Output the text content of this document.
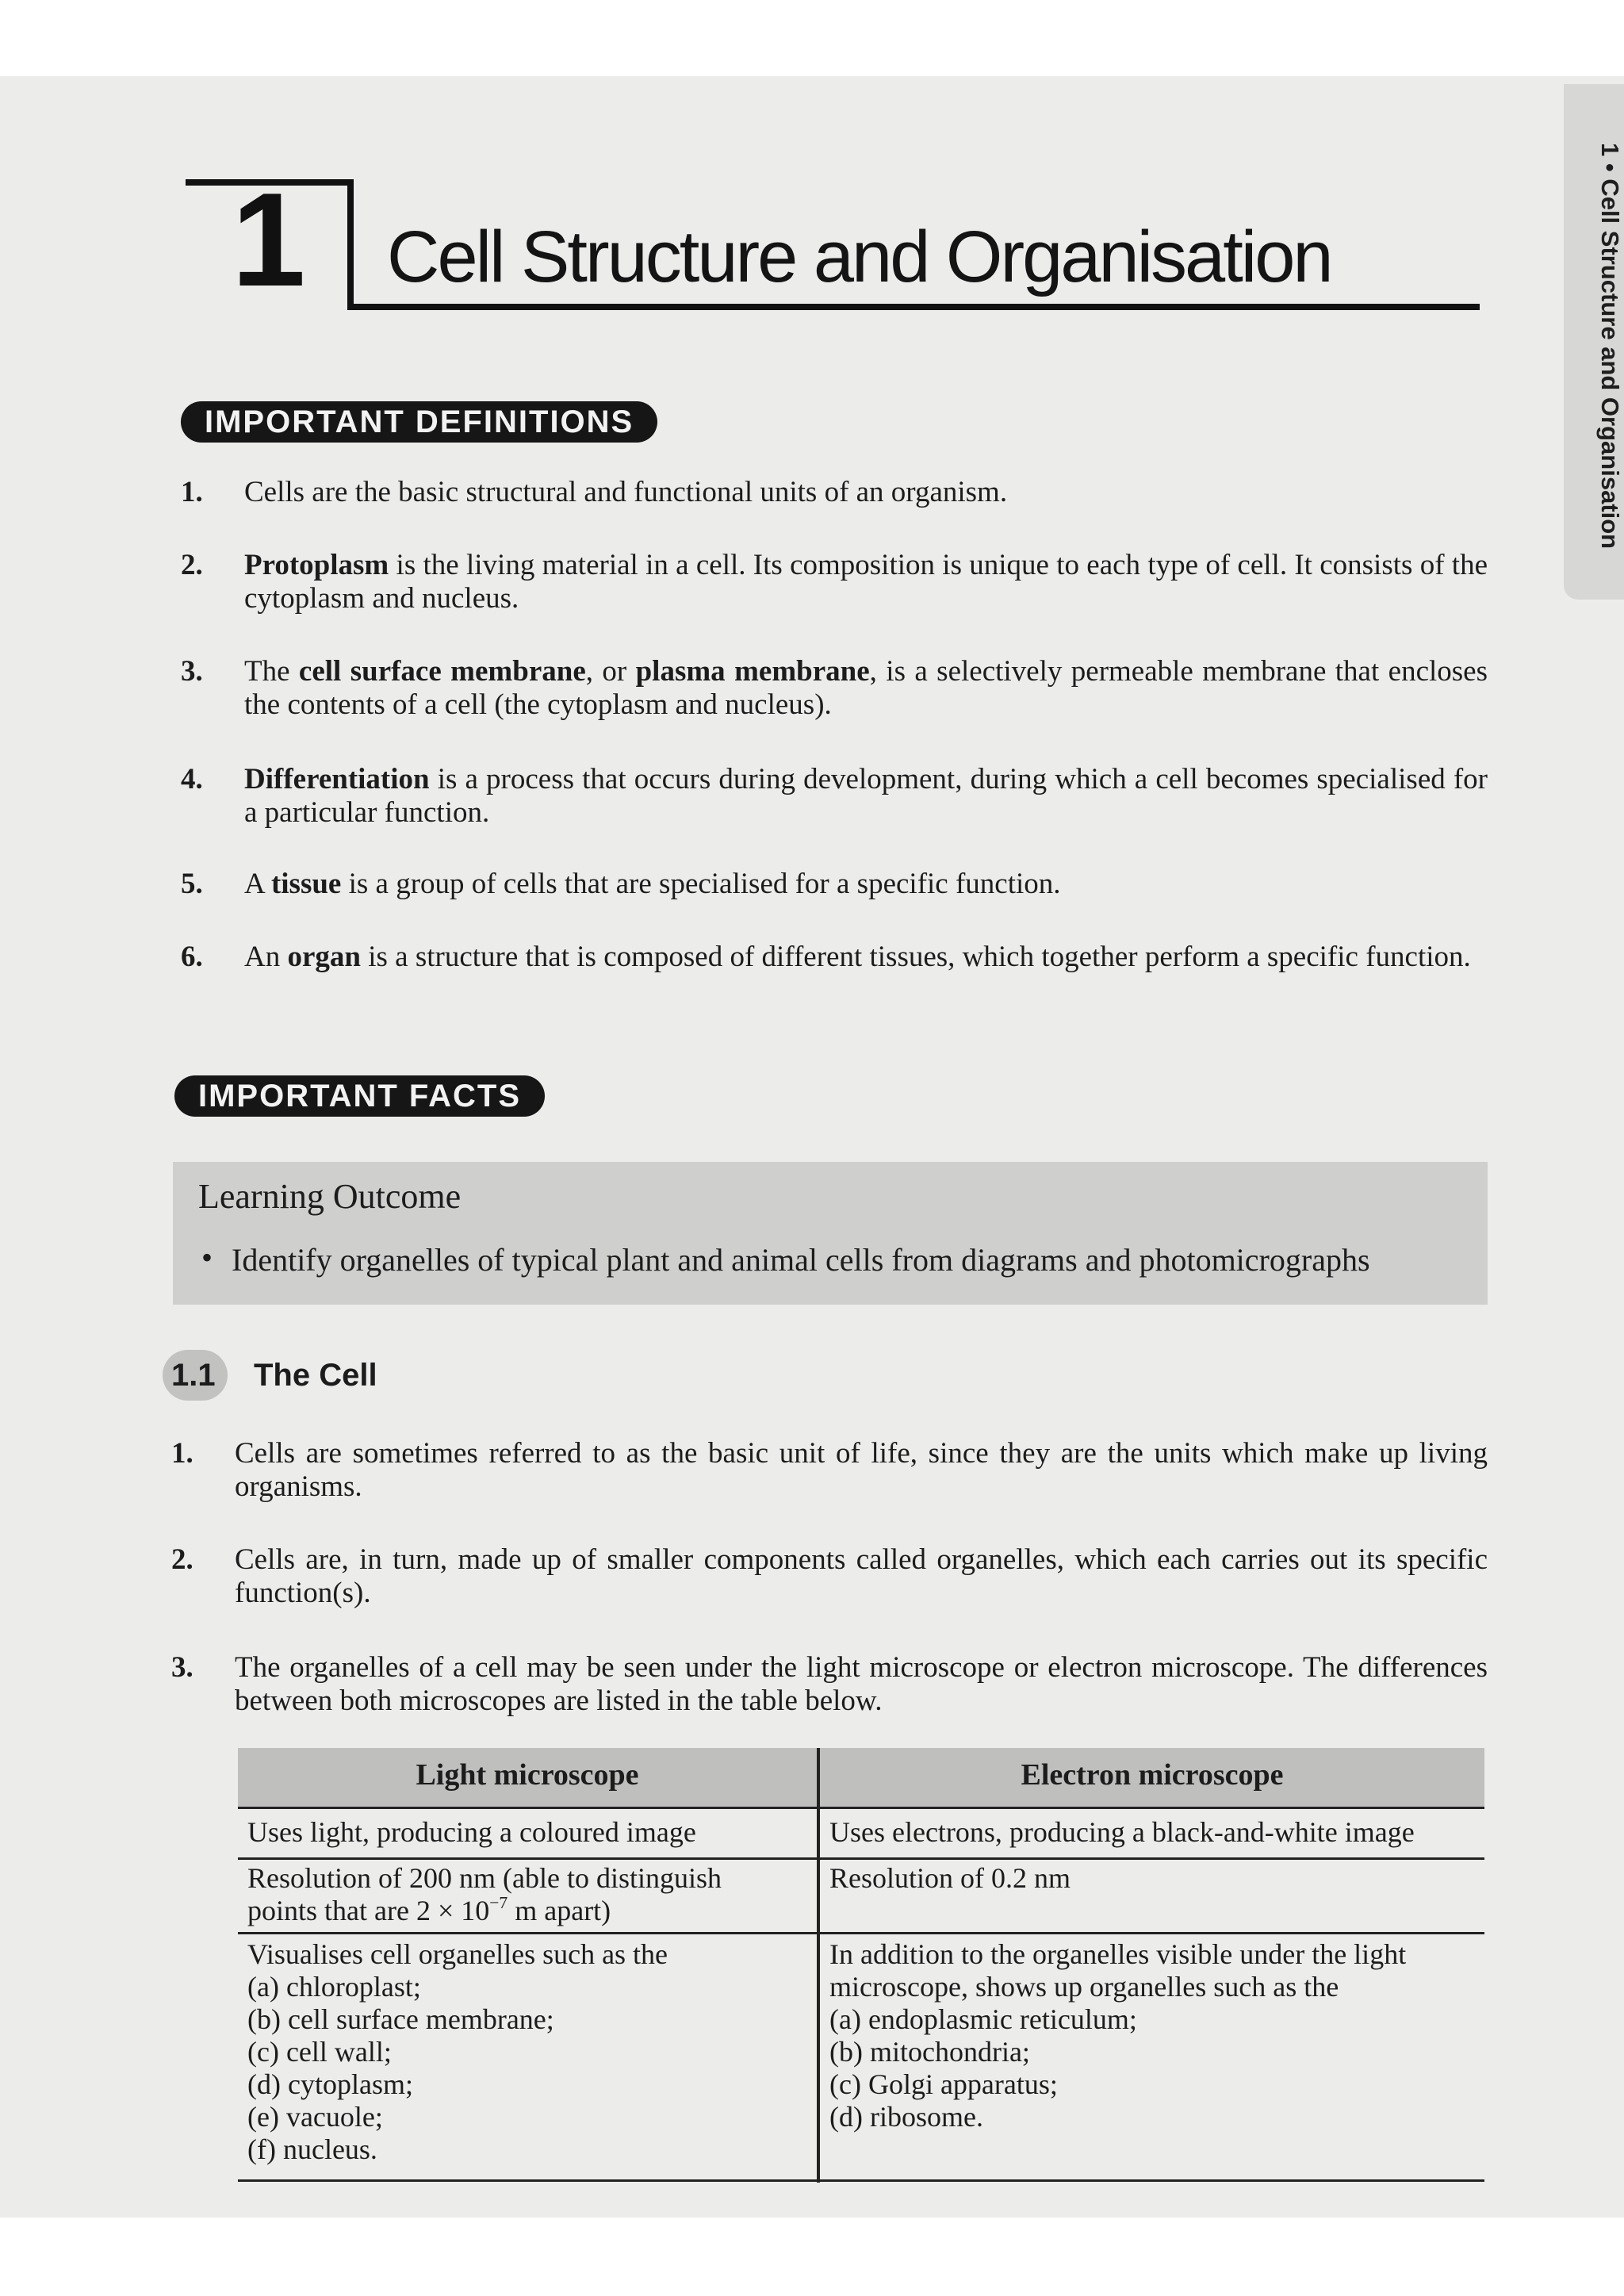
1 • Cell Structure and Organisation
1 Cell Structure and Organisation
IMPORTANT DEFINITIONS
1. Cells are the basic structural and functional units of an organism.
2. Protoplasm is the living material in a cell. Its composition is unique to each type of cell. It consists of the cytoplasm and nucleus.
3. The cell surface membrane, or plasma membrane, is a selectively permeable membrane that encloses the contents of a cell (the cytoplasm and nucleus).
4. Differentiation is a process that occurs during development, during which a cell becomes specialised for a particular function.
5. A tissue is a group of cells that are specialised for a specific function.
6. An organ is a structure that is composed of different tissues, which together perform a specific function.
IMPORTANT FACTS
Learning Outcome
• Identify organelles of typical plant and animal cells from diagrams and photomicrographs
1.1 The Cell
1. Cells are sometimes referred to as the basic unit of life, since they are the units which make up living organisms.
2. Cells are, in turn, made up of smaller components called organelles, which each carries out its specific function(s).
3. The organelles of a cell may be seen under the light microscope or electron microscope. The differences between both microscopes are listed in the table below.
Light microscope	Electron microscope
Uses light, producing a coloured image	Uses electrons, producing a black-and-white image
Resolution of 200 nm (able to distinguish
points that are $2 \times 10^{-7}$ m apart)
Resolution of 0.2 nm
Visualises cell organelles such as the
(a) chloroplast;
(b) cell surface membrane;
(c) cell wall;
(d) cytoplasm;
(e) vacuole;
(f) nucleus.
In addition to the organelles visible under the light
microscope, shows up organelles such as the
(a) endoplasmic reticulum;
(b) mitochondria;
(c) Golgi apparatus;
(d) ribosome.
